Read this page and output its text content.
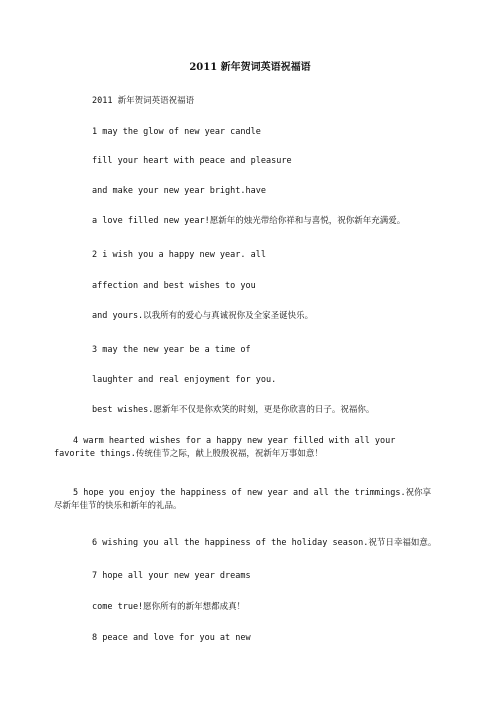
2011 新年贺词英语祝福语

2011 新年贺词英语祝福语

1 may the glow of new year candle

fill your heart with peace and pleasure

and make your new year bright.have

a love filled new year!愿新年的烛光带给你祥和与喜悦，祝你新年充满爱。

2 i wish you a happy new year. all

affection and best wishes to you

and yours.以我所有的爱心与真诚祝你及全家圣诞快乐。

3 may the new year be a time of

laughter and real enjoyment for you.

best wishes.愿新年不仅是你欢笑的时刻，更是你欣喜的日子。祝福你。

4 warm hearted wishes for a happy new year filled with all your favorite things.传统佳节之际，献上殷殷祝福，祝新年万事如意！

5 hope you enjoy the happiness of new year and all the trimmings.祝你享尽新年佳节的快乐和新年的礼品。

6 wishing you all the happiness of the holiday season.祝节日幸福如意。

7 hope all your new year dreams

come true!愿你所有的新年想都成真！

8 peace and love for you at new
